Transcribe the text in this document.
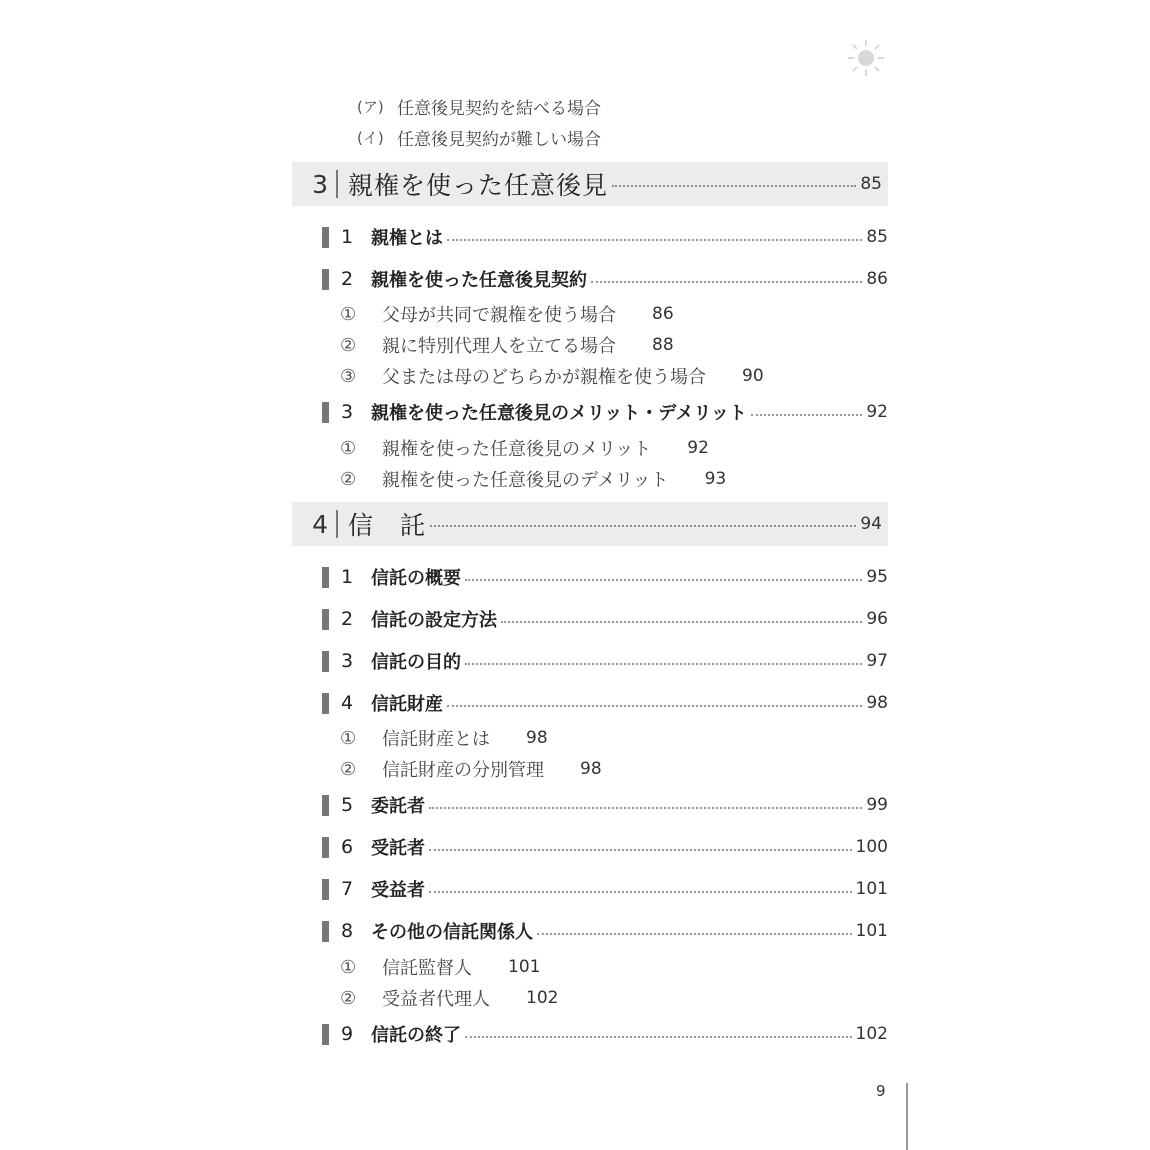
(ア) 任意後見契約を結べる場合
(イ) 任意後見契約が難しい場合
3 親権を使った任意後見	85
1 親権とは	85
2 親権を使った任意後見契約	86
①	父母が共同で親権を使う場合 86
②	親に特別代理人を立てる場合 88
③	父または母のどちらかが親権を使う場合 90
3 親権を使った任意後見のメリット・デメリット	92
①	親権を使った任意後見のメリット 92
②	親権を使った任意後見のデメリット 93
4 信　託	94
1 信託の概要	95
2 信託の設定方法	96
3 信託の目的	97
4 信託財産	98
①	信託財産とは 98
②	信託財産の分別管理 98
5 委託者	99
6 受託者	100
7 受益者	101
8 その他の信託関係人	101
①	信託監督人 101
②	受益者代理人 102
9 信託の終了	102
9
